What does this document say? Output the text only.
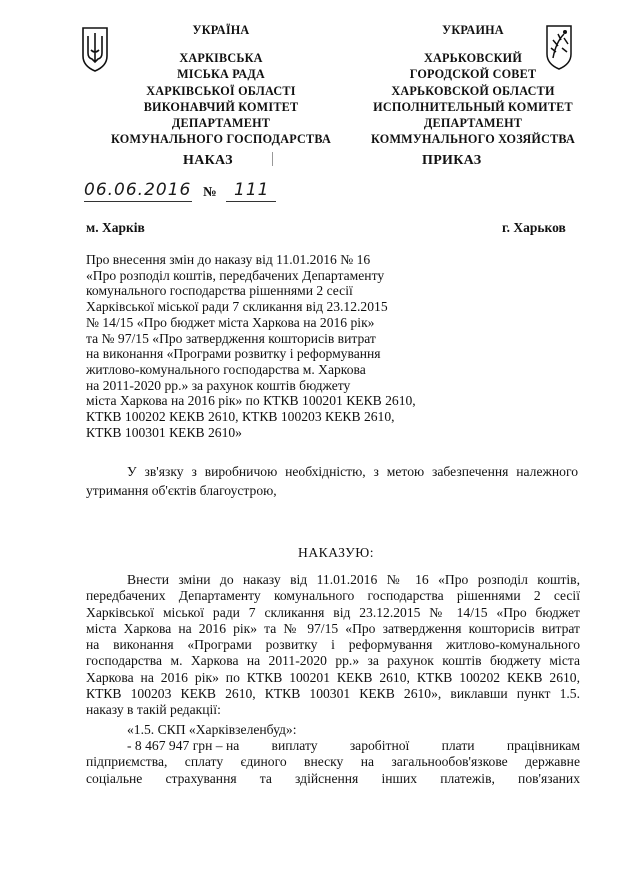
УКРАЇНА
ХАРКІВСЬКА
МІСЬКА РАДА
ХАРКІВСЬКОЇ ОБЛАСТІ
ВИКОНАВЧИЙ КОМІТЕТ
ДЕПАРТАМЕНТ
КОМУНАЛЬНОГО ГОСПОДАРСТВА
УКРАИНА
ХАРЬКОВСКИЙ
ГОРОДСКОЙ СОВЕТ
ХАРЬКОВСКОЙ ОБЛАСТИ
ИСПОЛНИТЕЛЬНЫЙ КОМИТЕТ
ДЕПАРТАМЕНТ
КОММУНАЛЬНОГО ХОЗЯЙСТВА
НАКАЗ	ПРИКАЗ
06.06.2016 № 111
м. Харків	г. Харьков
Про внесення змін до наказу від 11.01.2016 № 16
«Про розподіл коштів, передбачених Департаменту
комунального господарства рішеннями 2 сесії
Харківської міської ради 7 скликання від 23.12.2015
№ 14/15 «Про бюджет міста Харкова на 2016 рік»
та № 97/15 «Про затвердження кошторисів витрат
на виконання «Програми розвитку і реформування
житлово-комунального господарства м. Харкова
на 2011-2020 рр.» за рахунок коштів бюджету
міста Харкова на 2016 рік» по КТКВ 100201 КЕКВ 2610,
КТКВ 100202 КЕКВ 2610, КТКВ 100203 КЕКВ 2610,
КТКВ 100301 КЕКВ 2610»
У зв'язку з виробничою необхідністю, з метою забезпечення належного
утримання об'єктів благоустрою,
НАКАЗУЮ:
Внести зміни до наказу від 11.01.2016 № 16 «Про розподіл коштів,
передбачених Департаменту комунального господарства рішеннями 2 сесії
Харківської міської ради 7 скликання від 23.12.2015 № 14/15 «Про бюджет
міста Харкова на 2016 рік» та № 97/15 «Про затвердження кошторисів витрат
на виконання «Програми розвитку і реформування житлово-комунального
господарства м. Харкова на 2011-2020 рр.» за рахунок коштів бюджету міста
Харкова на 2016 рік» по КТКВ 100201 КЕКВ 2610, КТКВ 100202 КЕКВ 2610,
КТКВ 100203 КЕКВ 2610, КТКВ 100301 КЕКВ 2610», виклавши пункт 1.5.
наказу в такій редакції:
«1.5. СКП «Харківзеленбуд»:
- 8 467 947 грн – на виплату заробітної плати працівникам
підприємства, сплату єдиного внеску на загальнообов'язкове державне
соціальне страхування та здійснення інших платежів, пов'язаних
